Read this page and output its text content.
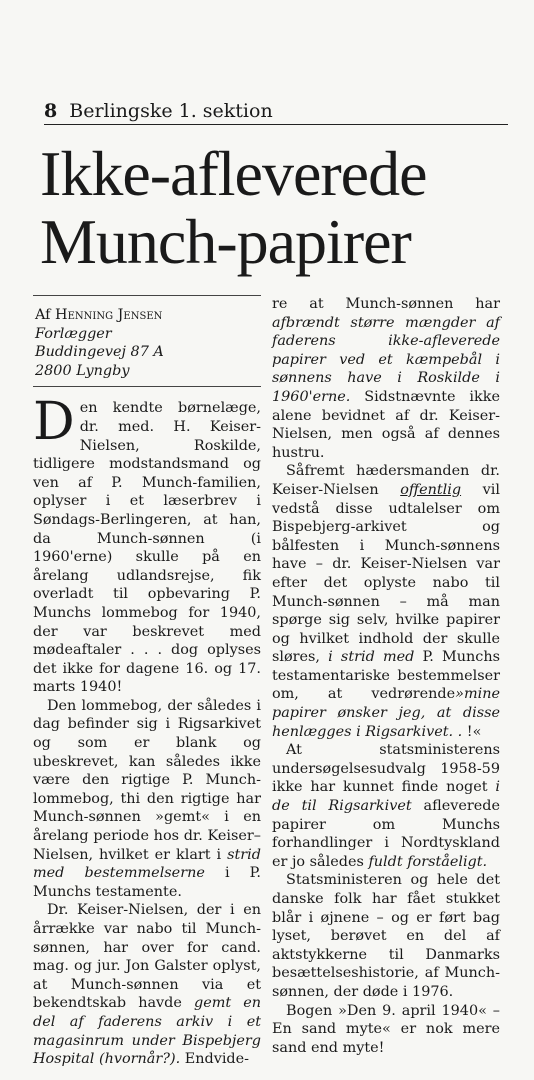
8 Berlingske 1. sektion
Ikke-afleverede
Munch-papirer
Af Henning Jensen
Forlægger
Buddingevej 87 A
2800 Lyngby

Den kendte børnelæge, dr. med. H. Keiser-Nielsen, Roskilde, tidligere modstandsmand og ven af P. Munch-familien, oplyser i et læserbrev i Søndags-Berlingeren, at han, da Munch-sønnen (i 1960'erne) skulle på en årelang udlandsrejse, fik overladt til opbevaring P. Munchs lommebog for 1940, der var beskrevet med mødeaftaler . . . dog oplyses det ikke for dagene 16. og 17. marts 1940!

Den lommebog, der således i dag befinder sig i Rigsarkivet og som er blank og ubeskrevet, kan således ikke være den rigtige P. Munch-lommebog, thi den rigtige har Munch-sønnen »gemt« i en årelang periode hos dr. Keiser–Nielsen, hvilket er klart i strid med bestemmelserne i P. Munchs testamente.

Dr. Keiser-Nielsen, der i en årrække var nabo til Munch-sønnen, har over for cand. mag. og jur. Jon Galster oplyst, at Munch-sønnen via et bekendtskab havde gemt en del af faderens arkiv i et magasinrum under Bispebjerg Hospital (hvornår?). Endvide-

re at Munch-sønnen har afbrændt større mængder af faderens ikke-afleverede papirer ved et kæmpebål i sønnens have i Roskilde i 1960'erne. Sidstnævnte ikke alene bevidnet af dr. Keiser-Nielsen, men også af dennes hustru.

Såfremt hædersmanden dr. Keiser-Nielsen offentlig vil vedstå disse udtalelser om Bispebjerg-arkivet og bålfesten i Munch-sønnens have – dr. Keiser-Nielsen var efter det oplyste nabo til Munch-sønnen – må man spørge sig selv, hvilke papirer og hvilket indhold der skulle sløres, i strid med P. Munchs testamentariske bestemmelser om, at vedrørende»mine papirer ønsker jeg, at disse henlægges i Rigsarkivet. . !«

At statsministerens undersøgelsesudvalg 1958-59 ikke har kunnet finde noget i de til Rigsarkivet afleverede papirer om Munchs forhandlinger i Nordtyskland er jo således fuldt forståeligt.

Statsministeren og hele det danske folk har fået stukket blår i øjnene – og er ført bag lyset, berøvet en del af aktstykkerne til Danmarks besættelseshistorie, af Munch-sønnen, der døde i 1976.

Bogen »Den 9. april 1940« – En sand myte« er nok mere sand end myte!
